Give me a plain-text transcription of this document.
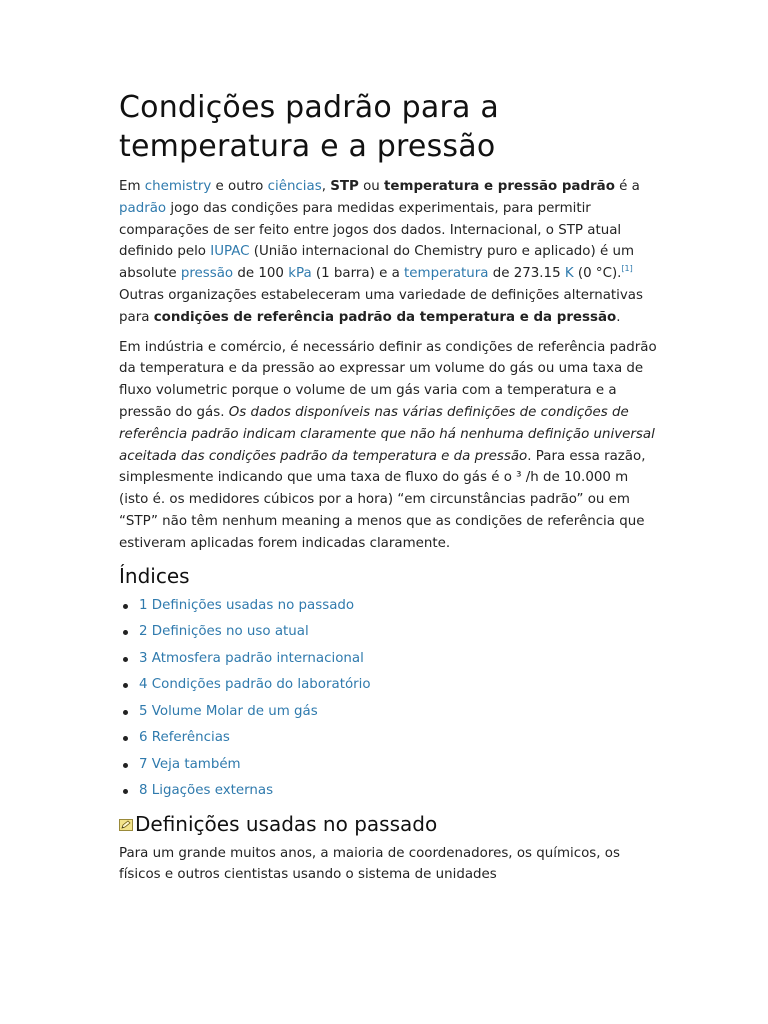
Condições padrão para a temperatura e a pressão

Em chemistry e outro ciências, STP ou temperatura e pressão padrão é a padrão jogo das condições para medidas experimentais, para permitir comparações de ser feito entre jogos dos dados. Internacional, o STP atual definido pelo IUPAC (União internacional do Chemistry puro e aplicado) é um absolute pressão de 100 kPa (1 barra) e a temperatura de 273.15 K (0 °C).[1] Outras organizações estabeleceram uma variedade de definições alternativas para condições de referência padrão da temperatura e da pressão.

Em indústria e comércio, é necessário definir as condições de referência padrão da temperatura e da pressão ao expressar um volume do gás ou uma taxa de fluxo volumetric porque o volume de um gás varia com a temperatura e a pressão do gás. Os dados disponíveis nas várias definições de condições de referência padrão indicam claramente que não há nenhuma definição universal aceitada das condições padrão da temperatura e da pressão. Para essa razão, simplesmente indicando que uma taxa de fluxo do gás é o ³ /h de 10.000 m (isto é. os medidores cúbicos por a hora) “em circunstâncias padrão” ou em “STP” não têm nenhum meaning a menos que as condições de referência que estiveram aplicadas forem indicadas claramente.

Índices
1 Definições usadas no passado
2 Definições no uso atual
3 Atmosfera padrão internacional
4 Condições padrão do laboratório
5 Volume Molar de um gás
6 Referências
7 Veja também
8 Ligações externas
Definições usadas no passado

Para um grande muitos anos, a maioria de coordenadores, os químicos, os físicos e outros cientistas usando o sistema de unidades
